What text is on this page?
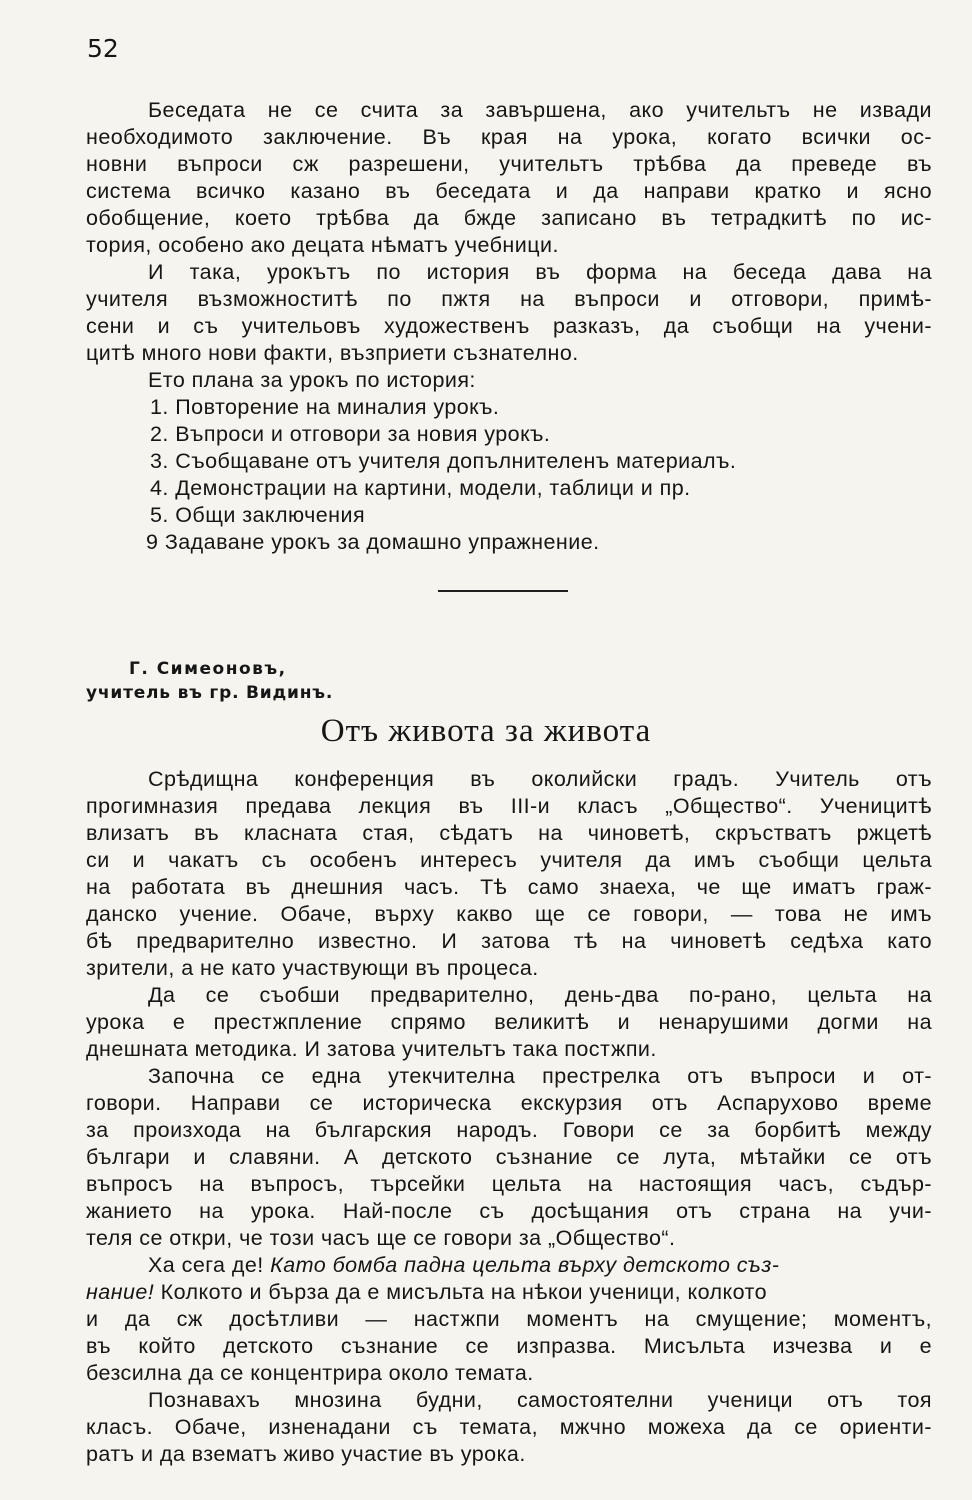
52
Беседата не се счита за завършена, ако учительтъ не извади
необходимото заключение. Въ края на урока, когато всички ос-
новни въпроси сж разрешени, учительтъ трѣбва да преведе въ
система всичко казано въ беседата и да направи кратко и ясно
обобщение, което трѣбва да бжде записано въ тетрадкитѣ по ис-
тория, особено ако децата нѣматъ учебници.
И така, урокътъ по история въ форма на беседа дава на
учителя възможноститѣ по пжтя на въпроси и отговори, примѣ-
сени и съ учительовъ художественъ разказъ, да съобщи на учени-
цитѣ много нови факти, възприети съзнателно.
Ето плана за урокъ по история:
1. Повторение на миналия урокъ.
2. Въпроси и отговори за новия урокъ.
3. Съобщаване отъ учителя допълнителенъ материалъ.
4. Демонстрации на картини, модели, таблици и пр.
5. Общи заключения
9 Задаване урокъ за домашно упражнение.
Г. Симеоновъ,
учитель въ гр. Видинъ.
Отъ живота за живота
Срѣдищна конференция въ околийски градъ. Учитель отъ
прогимназия предава лекция въ III-и класъ „Общество“. Ученицитѣ
влизатъ въ класната стая, сѣдатъ на чиноветѣ, скръстватъ ржцетѣ
си и чакатъ съ особенъ интересъ учителя да имъ съобщи цельта
на работата въ днешния часъ. Тѣ само знаеха, че ще иматъ граж-
данско учение. Обаче, върху какво ще се говори, — това не имъ
бѣ предварително известно. И затова тѣ на чиноветѣ седѣха като
зрители, а не като участвующи въ процеса.
Да се съобши предварително, день-два по-рано, цельта на
урока е престжпление спрямо великитѣ и ненарушими догми на
днешната методика. И затова учительтъ така постжпи.
Започна се една утекчителна престрелка отъ въпроси и от-
говори. Направи се историческа екскурзия отъ Аспарухово време
за произхода на българския народъ. Говори се за борбитѣ между
българи и славяни. А детското съзнание се лута, мѣтайки се отъ
въпросъ на въпросъ, търсейки цельта на настоящия часъ, съдър-
жанието на урока. Най-после съ досѣщания отъ страна на учи-
теля се откри, че този часъ ще се говори за „Общество“.
Ха сега де! Като бомба падна цельта върху детското съз-
нание! Колкото и бърза да е мисъльта на нѣкои ученици, колкото
и да сж досѣтливи — настжпи моментъ на смущение; моментъ,
въ който детското съзнание се изпразва. Мисъльта изчезва и е
безсилна да се концентрира около темата.
Познавахъ мнозина будни, самостоятелни ученици отъ тоя
класъ. Обаче, изненадани съ темата, мжчно можеха да се ориенти-
ратъ и да взематъ живо участие въ урока.
